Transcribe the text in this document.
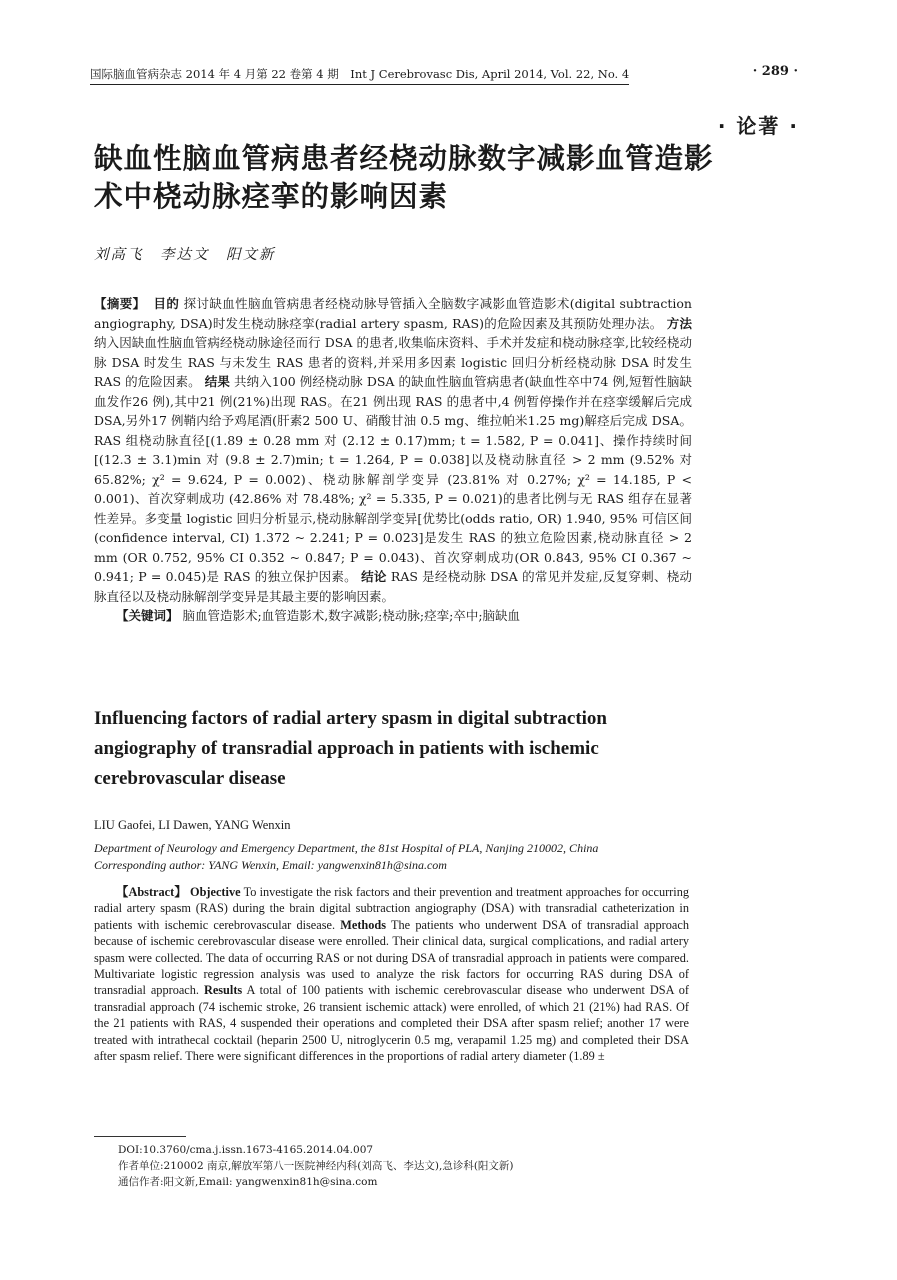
国际脑血管病杂志 2014 年 4 月第 22 卷第 4 期　Int J Cerebrovasc Dis, April 2014, Vol. 22, No. 4	· 289 ·
· 论著 ·
缺血性脑血管病患者经桡动脉数字减影血管造影术中桡动脉痉挛的影响因素
刘高飞　李达文　阳文新
【摘要】 目的 探讨缺血性脑血管病患者经桡动脉导管插入全脑数字减影血管造影术(digital subtraction angiography, DSA)时发生桡动脉痉挛(radial artery spasm, RAS)的危险因素及其预防处理办法。 方法 纳入因缺血性脑血管病经桡动脉途径而行 DSA 的患者,收集临床资料、手术并发症和桡动脉痉挛,比较经桡动脉 DSA 时发生 RAS 与未发生 RAS 患者的资料,并采用多因素 logistic 回归分析经桡动脉 DSA 时发生 RAS 的危险因素。 结果 共纳入100 例经桡动脉 DSA 的缺血性脑血管病患者(缺血性卒中74 例,短暂性脑缺血发作26 例),其中21 例(21%)出现 RAS。在21 例出现 RAS 的患者中,4 例暂停操作并在痉挛缓解后完成 DSA,另外17 例鞘内给予鸡尾酒(肝素2 500 U、硝酸甘油 0.5 mg、维拉帕米1.25 mg)解痉后完成 DSA。RAS 组桡动脉直径[(1.89 ± 0.28 mm 对 (2.12 ± 0.17)mm; t = 1.582, P = 0.041]、操作持续时间[(12.3 ± 3.1)min 对 (9.8 ± 2.7)min; t = 1.264, P = 0.038]以及桡动脉直径 > 2 mm (9.52% 对 65.82%; χ² = 9.624, P = 0.002)、桡动脉解剖学变异 (23.81% 对 0.27%; χ² = 14.185, P < 0.001)、首次穿刺成功 (42.86% 对 78.48%; χ² = 5.335, P = 0.021)的患者比例与无 RAS 组存在显著性差异。多变量 logistic 回归分析显示,桡动脉解剖学变异[优势比(odds ratio, OR) 1.940, 95% 可信区间(confidence interval, CI) 1.372 ~ 2.241; P = 0.023]是发生 RAS 的独立危险因素,桡动脉直径 > 2 mm (OR 0.752, 95% CI 0.352 ~ 0.847; P = 0.043)、首次穿刺成功(OR 0.843, 95% CI 0.367 ~ 0.941; P = 0.045)是 RAS 的独立保护因素。 结论 RAS 是经桡动脉 DSA 的常见并发症,反复穿刺、桡动脉直径以及桡动脉解剖学变异是其最主要的影响因素。
【关键词】 脑血管造影术;血管造影术,数字减影;桡动脉;痉挛;卒中;脑缺血
Influencing factors of radial artery spasm in digital subtraction angiography of transradial approach in patients with ischemic cerebrovascular disease
LIU Gaofei, LI Dawen, YANG Wenxin
Department of Neurology and Emergency Department, the 81st Hospital of PLA, Nanjing 210002, China
Corresponding author: YANG Wenxin, Email: yangwenxin81h@sina.com
【Abstract】 Objective To investigate the risk factors and their prevention and treatment approaches for occurring radial artery spasm (RAS) during the brain digital subtraction angiography (DSA) with transradial catheterization in patients with ischemic cerebrovascular disease. Methods The patients who underwent DSA of transradial approach because of ischemic cerebrovascular disease were enrolled. Their clinical data, surgical complications, and radial artery spasm were collected. The data of occurring RAS or not during DSA of transradial approach in patients were compared. Multivariate logistic regression analysis was used to analyze the risk factors for occurring RAS during DSA of transradial approach. Results A total of 100 patients with ischemic cerebrovascular disease who underwent DSA of transradial approach (74 ischemic stroke, 26 transient ischemic attack) were enrolled, of which 21 (21%) had RAS. Of the 21 patients with RAS, 4 suspended their operations and completed their DSA after spasm relief; another 17 were treated with intrathecal cocktail (heparin 2500 U, nitroglycerin 0.5 mg, verapamil 1.25 mg) and completed their DSA after spasm relief. There were significant differences in the proportions of radial artery diameter (1.89 ±
DOI:10.3760/cma.j.issn.1673-4165.2014.04.007
作者单位:210002 南京,解放军第八一医院神经内科(刘高飞、李达文),急诊科(阳文新)
通信作者:阳文新,Email: yangwenxin81h@sina.com
